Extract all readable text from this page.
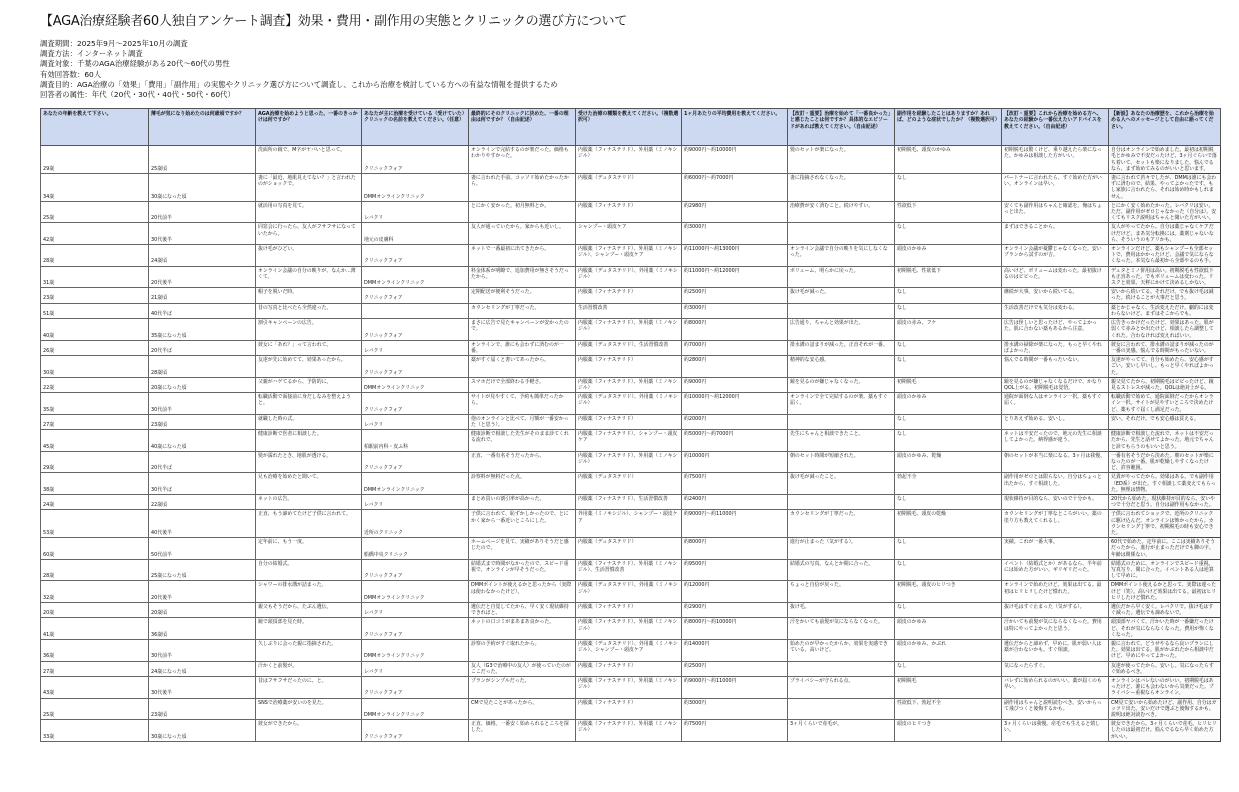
【AGA治療経験者60人独自アンケート調査】効果・費用・副作用の実態とクリニックの選び方について
調査期間：2025年9月～2025年10月の調査
調査方法：インターネット調査
調査対象：千葉のAGA治療経験がある20代～60代の男性
有効回答数：60人
調査目的：AGA治療の「効果」「費用」「副作用」の実態やクリニック選び方について調査し、これから治療を検討している方への有益な情報を提供するため
回答者の属性：年代（20代・30代・40代・50代・60代）
あなたの年齢を教えて下さい。	薄毛が気になり始めたのは何歳頃ですか？	AGA治療を始めようと思った、一番のきっかけは何ですか？	あなたが主に治療を受けている（受けていた）クリニックの名前を教えてください。（任意）	最終的にそのクリニックに決めた、一番の理由は何ですか？（自由記述）	受けた治療の種類を教えてください。（複数選択可）	1ヶ月あたりの平均費用を教えてください。	【改訂・重要】治療を始めて「一番良かった」と感じたことは何ですか？具体的なエピソードがあれば教えてください。（自由記述）	副作用を経験したことはありますか？あれば、どのような症状でしたか？（複数選択可）	【改訂・重要】これから治療を始める方へ、あなたの経験から一番伝えたいアドバイスを教えてください。（自由記述）	【新設】あなたの治療歴を、これから治療を始める人へのメッセージとして自由に語ってください。
29歳	25歳頃	洗面所の鏡で、M字がヤバいと思って。	クリニックフォア	オンラインで完結するのが楽だった。価格もわかりやすかった。	内服薬（フィナステリド）、外用薬（ミノキシジル）	約9000円～約10000円	髪のセットが楽になった。	初期脱毛、頭皮のかゆみ	初期脱毛は驚くけど、乗り越えたら楽になった。かゆみは相談した方がいい。	自分はオンラインで始めました。最初は初期脱毛とかゆみで不安だったけど、3ヶ月ぐらいで落ち着いて、セットも楽になりました。悩んでるなら、まず始めてみるのがいいと思います。
34歳	30歳になった頃	妻に「最近、地肌見えてない？」と言われたのがショックで。	DMMオンラインクリニック	妻に言われた手前、コッソリ始めたかったから。	内服薬（デュタステリド）	約6000円～約7000円	妻に指摘されなくなった。	なし	パートナーに言われたら、すぐ始めた方がいい。オンラインは早い。	妻に言われて渋々でしたが、DMMは誰にも会わずに済むので、結果、やってよかったです。もし家族に言われたら、それは始め時かもしれません。
25歳	20代前半	就活用の写真を見て。	レバクリ	とにかく安かった。初月無料とか。	内服薬（フィナステリド）	約2980円	治療費が安く済むこと。続けやすい。	性欲低下	安くても副作用はちゃんと確認を。俺はちょっと出た。	とにかく安く始めたかった。レバクリは安い。ただ、副作用がゼロじゃなかった（自分は）。安くてもリスク説明はちゃんと聞いた方がいい。
42歳	30代後半	同窓会に行ったら、友人がフサフサになっていたから。	地元の皮膚科	友人が通っていたから。家からも近いし。	シャンプー・頭皮ケア	約3000円		なし	まずはできることから。	友人がやってたから。自分は薬じゃなくケアだけだけど、まあ気分転換には。薬剤じゃないなら、そういうのもアリかも。
28歳	24歳頃	抜け毛がひどい。	クリニックフォア	ネットで一番最初に出てきたから。	内服薬（フィナステリド）、外用薬（ミノキシジル）、シャンプー・頭皮ケア	約11000円～約13000円	オンライン会議で自分の映りを気にしなくなった。	頭皮のかゆみ	オンライン会議が憂鬱じゃなくなった。安いプランから試すのが吉。	オンラインだけど、薬もシャンプーも全部セットで、費用はかかったけど、会議で気にならなくなった。本気なら最初から全部やるのも手。
31歳	20代後半	オンライン会議の自分の映りが、なんか…薄くて。	DMMオンラインクリニック	料金体系が明瞭で、追加費用が無さそうだったから。	内服薬（デュタステリド）、外用薬（ミノキシジル）	約11000円～約12000円	ボリューム、明らかに戻った。	初期脱毛、性欲低下	高いけど、ボリュームは変わった。最初抜けるのはビビった。	デュタとミノ併用は高い。初期脱毛も性欲低下も正直あった。でもボリュームは変わった。リスクと効果、天秤にかけて決めるしかない。
23歳	21歳頃	帽子を脱いだ時。	クリニックフォア	定期配送が便利そうだった。	内服薬（フィナステリド）	約2500円	抜け毛が減った。	なし	継続が大事。安いから続いてる。	安いから続いてる。それだけ。でも抜け毛は減った。続けることが大事だと思う。
51歳	40代半ば	昔の写真と比べたら全然違った。		カウンセリングが丁寧だった。	生活習慣改善	約3000円		なし	生活改善だけでも気分は変わる。	薬とかじゃなく、生活変えただけ。劇的には変わらないけど、まずはそこからでも。
40歳	35歳になった頃	割引キャンペーンの広告。	クリニックフォア	まさに広告で見たキャンペーンが安かったので。	内服薬（フィナステリド）、外用薬（ミノキシジル）	約8000円	広告通り、ちゃんと効果が出た。	頭皮の赤み、フケ	広告は怪しいと思ったけど、やってよかった。肌に合わない薬もあるから注意。	広告きっかけだったけど、効果はあった。肌が弱くて赤みとか出たけど、相談したら調整してくれた。合わなければ変えればいい。
26歳	20代半ば	彼女に「あれ？」って言われて。	レバクリ	オンラインで、誰にも会わずに済むのが一番。	内服薬（デュタステリド）、生活習慣改善	約7000円	排水溝の詰まりが減った。正直それが一番。	なし	排水溝の掃除が楽になった。もっと早くやればよかった。	彼女に言われて、排水溝の詰まりが減ったのが一番の実感。悩んでる時間がもったいない。
30歳	28歳頃	友達が先に始めてて、効果あったから。	クリニックフォア	薬がすぐ届くと書いてあったから。	内服薬（フィナステリド）	約2800円	精神的な安心感。	なし	悩んでる時間が一番もったいない。	友達がやってて、自分も始めたら、安心感がすごい。安いし早いし。もっと早くやればよかった。
22歳	20歳になった頃	父親がハゲてるから、予防的に。	DMMオンラインクリニック	スマホだけで全部終わる手軽さ。	内服薬（フィナステリド）、外用薬（ミノキシジル）	約9000円	鏡を見るのが嫌じゃなくなった。	初期脱毛	鏡を見るのが嫌じゃなくなるだけで、かなりQOL上がる。初期脱毛は覚悟。	親父見てたから、初期脱毛はビビったけど、鏡見るストレスが減った。QOLは絶対上がる。
35歳	30代前半	転職活動で面接前に身だしなみを整えようと。	クリニックフォア	サイトが見やすくて、予約も簡単だったから。	内服薬（デュタステリド）、外用薬（ミノキシジル）	約10000円～約12000円	オンラインで全て完結するのが楽。薬もすぐ届く。	頭皮のかゆみ	通院が面倒な人はオンライン一択。薬もすぐ届く。	転職活動で始めて、通院面倒だったからオンライン一択。サイトが見やすいところで決めたけど、薬もすぐ届くし満足だった。
27歳	23歳頃	就職した時の式。	レバクリ	他のオンラインと比べて、月額が一番安かった（と思う）。	内服薬（フィナステリド）	約2000円		なし	とりあえず始める。安いし。	安い。それだけ。でも安心感は買える。
45歳	40歳になった頃	健康診断で医者に相談した。	柏駅前内科・皮ふ科	健康診断で相談した先生がそのまま診てくれる流れで。	内服薬（フィナステリド）、シャンプー・頭皮ケア	約5000円～約7000円	先生にちゃんと相談できたこと。	なし	ネットは不安だったので、地元の先生に相談してよかった。納得感が違う。	健康診断で相談した流れで、ネットは不安だったから、先生と話せてよかった。地元でちゃんと診てもらうのもいいと思う。
29歳	20代半ば	髪が濡れたとき、地肌が透ける。	クリニックフォア	正直、一番有名そうだったから。	内服薬（フィナステリド）、外用薬（ミノキシジル）	約10000円	朝のセット時間が短縮された。	頭皮のかゆみ、乾燥	朝のセットが本当に楽になる。3ヶ月は我慢。	一番有名そうだから決めた。朝のセットが楽になったのが一番。肌が乾燥しやすくなったけど、許容範囲。
38歳	30代半ば	兄も治療を始めたと聞いて。	DMMオンラインクリニック	診察料が無料だった点。	内服薬（デュタステリド）	約7500円	抜け毛が減ったこと。	勃起不全	副作用がゼロとは限らない。自分はちょっと出たから、すぐ相談した。	兄貴がやってたから。効果はある。でも副作用（ED系）が出た。すぐ相談して薬変えてもらった。無理は禁物。
24歳	22歳頃	ネットの広告。	レバクリ	まとめ買いの割引率が高かった。	内服薬（フィナステリド）、生活習慣改善	約2400円		なし	現状維持が目的なら、安いので十分かも。	20代から始めた。現状維持が目的なら、安いやつで十分だと思う。自分は副作用もなかった。
53歳	40代後半	正直、もう諦めてたけど子供に言われて。	近所のクリニック	子供に言われて、恥ずかしかったので、とにかく家から一番近いところにした。	外用薬（ミノキシジル）、シャンプー・頭皮ケア	約9000円～約11000円	カウンセリングが丁寧だった。	初期脱毛、頭皮の乾燥	カウンセリングが丁寧なところがいい。薬の塗り方も教えてくれるし。	子供に言われてショックで、近所のクリニックに駆け込んだ。オンラインは怖かったから。カウンセリング丁寧で、初期脱毛の時も安心できた。
60歳	50代前半	定年前に、もう一度。	船橋中央クリニック	ホームページを見て、実績がありそうだと感じたので。	内服薬（デュタステリド）	約8000円	進行が止まった（気がする）。	なし	実績。これが一番大事。	60代で始めた。定年前に。ここは実績ありそうだったから。進行が止まっただけでも御の字。年齢は関係ない。
28歳	25歳になった頃	自分の結婚式。	クリニックフォア	結婚式まで時間がなかったので、スピード重視で、オンラインが早そうだった。	内服薬（フィナステリド）、外用薬（ミノキシジル）、生活習慣改善	約9500円	結婚式の写真、なんとか間に合った。	なし	イベント（結婚式とか）があるなら、半年前には始めた方がいい。ギリギリだった。	結婚式のために、オンラインでスピード重視。写真写り、間に合った。イベントある人は逆算して早めに。
32歳	20代後半	シャワーの排水溝が詰まった。	DMMオンラインクリニック	DMMポイントが使えるかと思ったから（実際は使わなかったけど）。	内服薬（デュタステリド）、外用薬（ミノキシジル）	約12000円	ちょっと自信が戻った。	初期脱毛、頭皮のヒリつき	オンラインで始めたけど、効果は出てる。最初はヒリヒリしたけど慣れた。	DMMポイント使えるかと思って、実際は違ったけど（笑）。高いけど効果は出てる。最初はヒリヒリしたけど慣れた。
20歳	20歳頃	親父もそうだから、たぶん遺伝。	レバクリ	遺伝だと自覚してたから、早く安く現状維持できればと。	内服薬（フィナステリド）	約2900円	抜け毛。	なし	抜け毛はすぐ止まった（気がする）。	遺伝だから早く安く。レバクリで。抜け毛はすぐ減った。遺伝でも諦めないで。
41歳	36歳頃	鏡で頭頂部を見た時。	クリニックフォア	ネットの口コミがまあまあ良かった。	内服薬（フィナステリド）、外用薬（ミノキシジル）	約8000円～約10000円	汗をかいても前髪が気にならなくなった。	頭皮のかゆみ	汗かいても前髪が気にならなくなった。費用は特にやってよかったと思う。	頭頂部ヤバくて、汗かいた時が一番嫌だったけど、それが気にならなくなった。費用が怖くなくなった。
36歳	30代前半	久しぶりに会った親に指摘された。	DMMオンラインクリニック	診察の予約がすぐ取れたから。	内服薬（デュタステリド）、外用薬（ミノキシジル）、シャンプー・頭皮ケア	約14000円	始めたのが早かったからか、効果を実感できている。高いけど。	頭皮のかゆみ、かぶれ	遺伝だからと諦めず、早めに。肌が弱い人は薬が合わないかも。すぐ相談。	親に言われて、どうせやるなら良いプランにした。効果は出てる。肌がかぶれたから相談中だけど、早めにやってよかった。
27歳	24歳になった頃	汗かくと前髪が。	レバクリ	友人（G3で治療中の友人）が使っていたのがここだった。	内服薬（フィナステリド）	約2500円		なし	気になったらすぐ。	友達が使ってたから。安いし。気になったらすぐ始めるべき。
43歳	30代後半	昔はフサフサだったのに、と。	クリニックフォア	プランがシンプルだった。	内服薬（フィナステリド）、外用薬（ミノキシジル）	約9000円～約11000円	プライバシーが守られる点。	初期脱毛	バレずに始められるのがいい。薬が届くのも早い。	オンラインはバレないのがいい。初期脱毛はあったけど、誰にも会わないから気楽だった。プライバシー重視ならオンライン。
25歳	23歳頃	SNSで治療薬が安いのを見た。	DMMオンラインクリニック	CMで見たことがあったから。	内服薬（フィナステリド）	約3000円		性欲低下、勃起不全	副作用はちゃんと説明読むべき。安いからって飛びつくと後悔するかも。	CM見て安いから始めたけど、副作用、自分はガッツリ出た。安いだけで選ぶと後悔するかも。説明は絶対読むべき。
33歳	30歳になった頃	彼女ができたから。	クリニックフォア	正直、価格。一番安く始められるところを探した。	内服薬（フィナステリド）、外用薬（ミノキシジル）	約7500円	3ヶ月くらいで産毛が。	頭皮のヒリつき	3ヶ月くらいは我慢。産毛でも生えると嬉しい。	彼女できたから。3ヶ月くらいで産毛。ヒリヒリしたのは最初だけ。悩んでるなら早く始めた方がいい。
